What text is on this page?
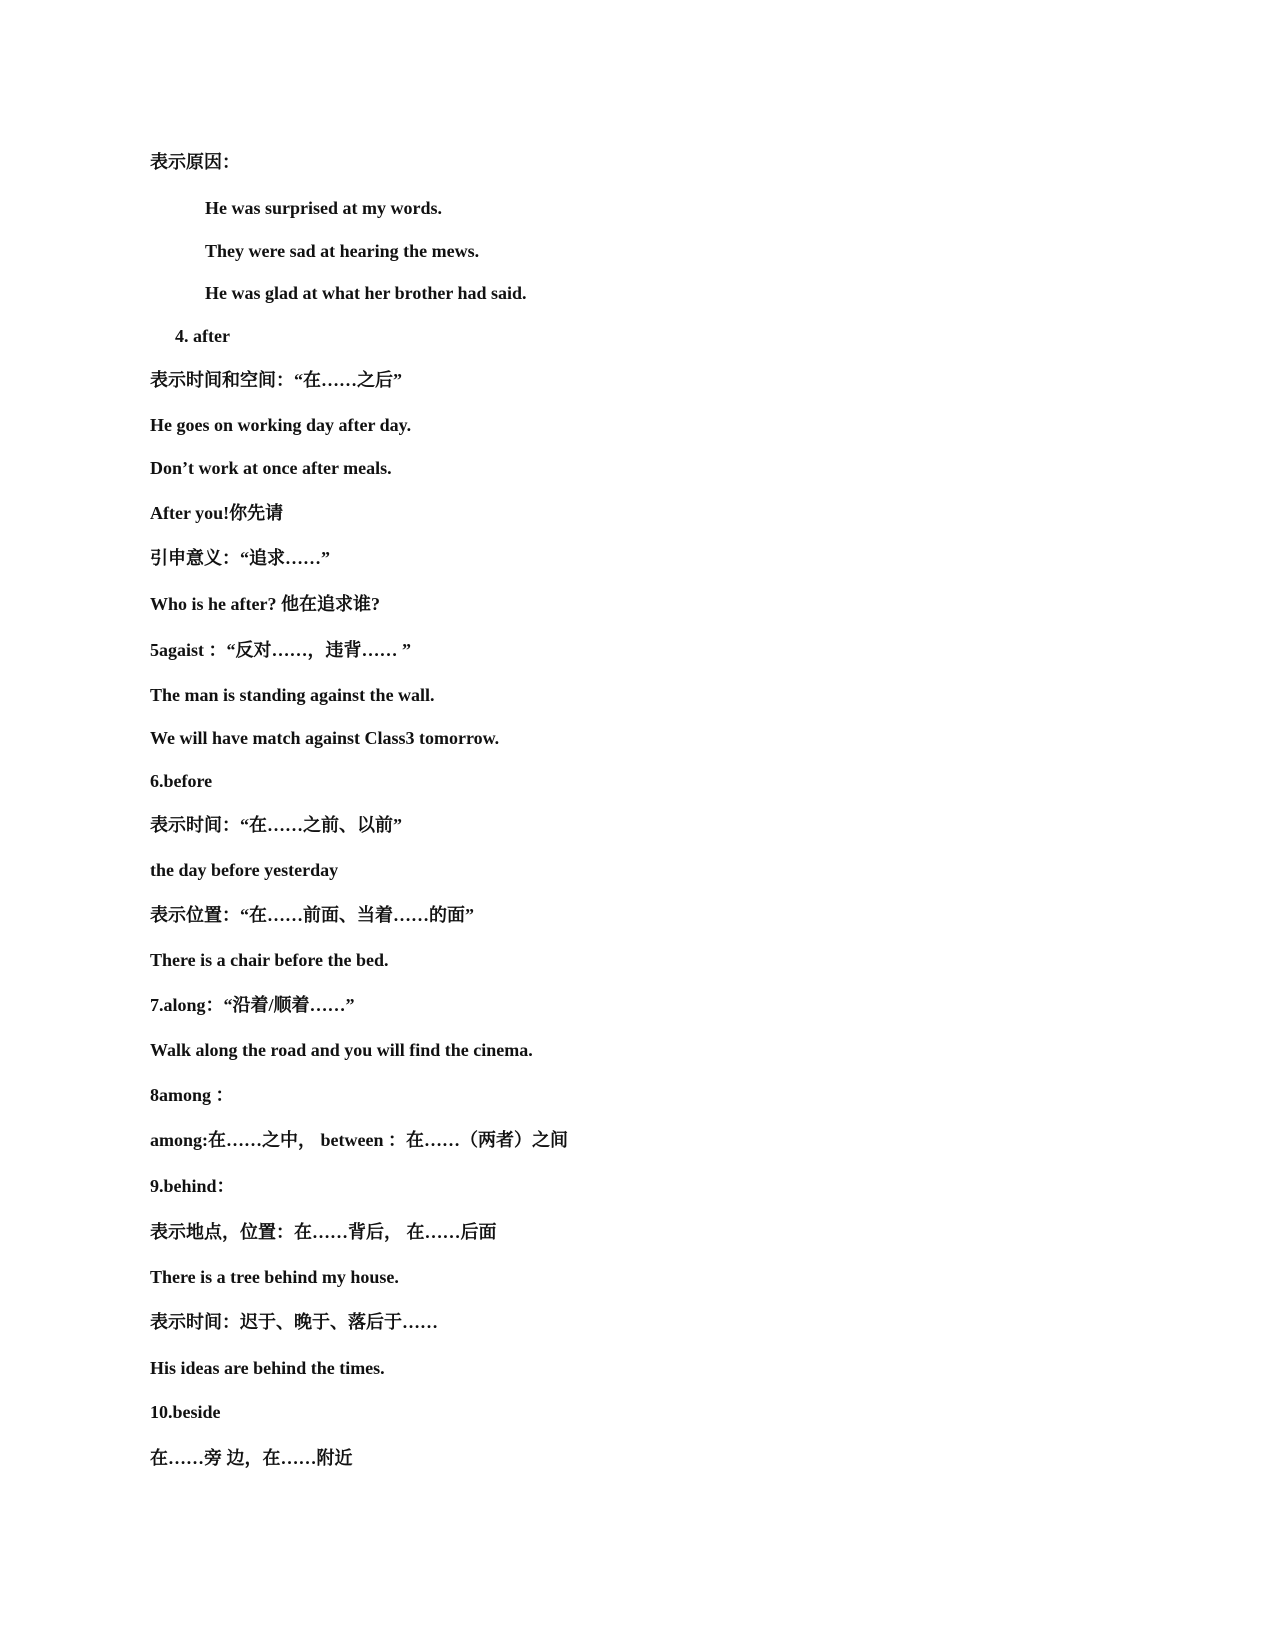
表示原因：
He was surprised at my words.
They were sad at hearing the mews.
He was glad at what her brother had said.
4. after
表示时间和空间：“在……之后”
He goes on working day after day.
Don’t work at once after meals.
After you!你先请
引申意义：“追求……”
Who is he after? 他在追求谁?
5agaist ：“反对……，违背…… ”
The man is standing against the wall.
We will have match against Class3 tomorrow.
6.before
表示时间：“在……之前、以前”
the day before yesterday
表示位置：“在……前面、当着……的面”
There is a chair before the bed.
7.along：“沿着/顺着……”
Walk along the road and you will find the cinema.
8among ：
among:在……之中， between ：在……（两者）之间
9.behind：
表示地点，位置：在……背后， 在……后面
There is a tree behind my house.
表示时间：迟于、晚于、落后于……
His ideas are behind the times.
10.beside
在……旁 边，在……附近
